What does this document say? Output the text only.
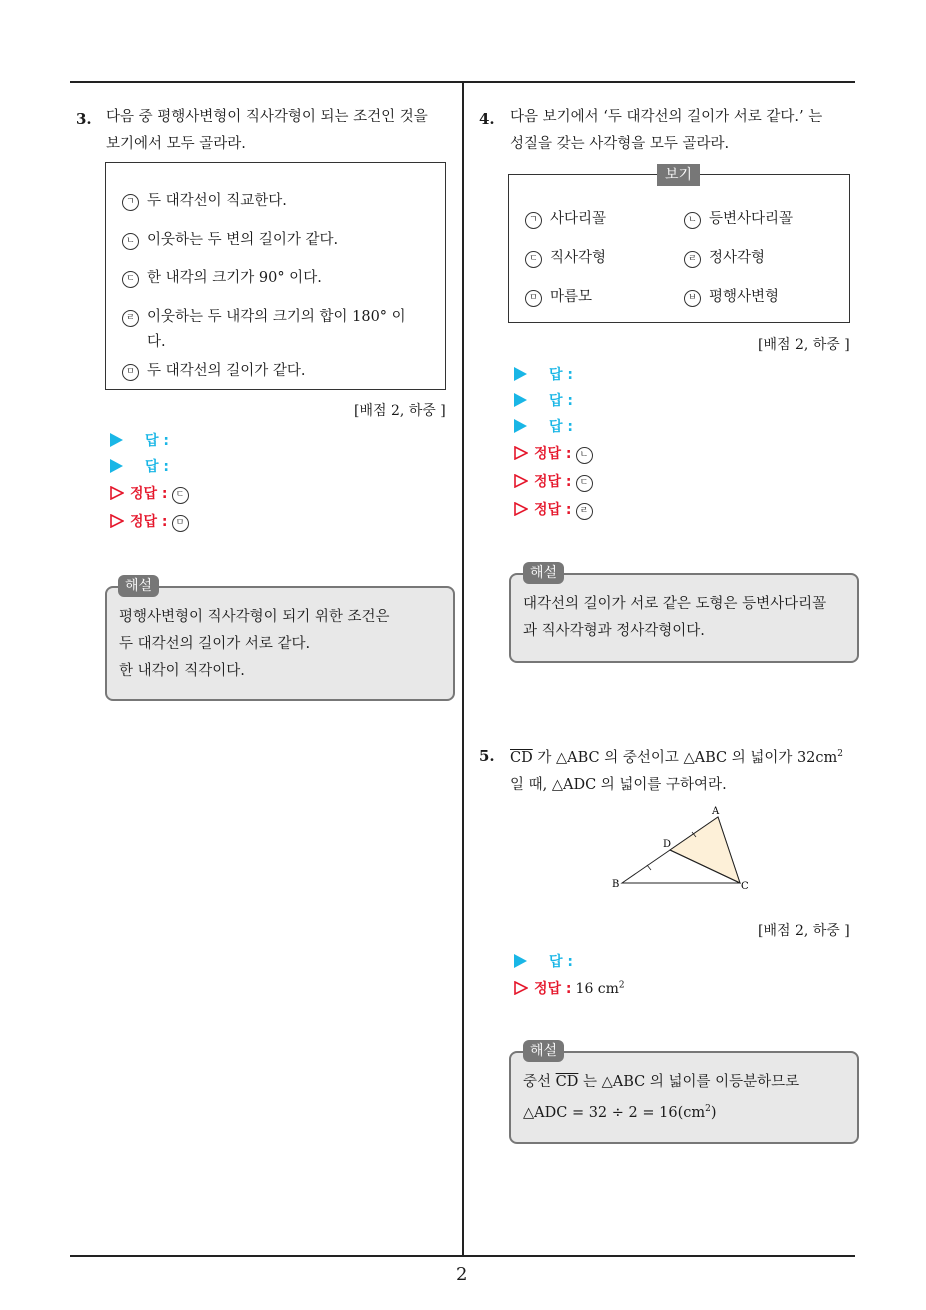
2
3. 다음 중 평행사변형이 직사각형이 되는 조건인 것을
보기에서 모두 골라라.
ㄱ 두 대각선이 직교한다.
ㄴ 이웃하는 두 변의 길이가 같다.
ㄷ 한 내각의 크기가 90° 이다.
ㄹ 이웃하는 두 내각의 크기의 합이 180° 이
다.
ㅁ 두 대각선의 길이가 같다.
[배점 2, 하중 ]
답 :
답 :
정답 : ㄷ
정답 : ㅁ
평행사변형이 직사각형이 되기 위한 조건은
두 대각선의 길이가 서로 같다.
한 내각이 직각이다.
해설
4. 다음 보기에서 ‘두 대각선의 길이가 서로 같다.’ 는
성질을 갖는 사각형을 모두 골라라.
ㄱ 사다리꼴	ㄴ 등변사다리꼴
ㄷ 직사각형	ㄹ 정사각형
ㅁ 마름모	ㅂ 평행사변형
보기
[배점 2, 하중 ]
답 :
답 :
답 :
정답 : ㄴ
정답 : ㄷ
정답 : ㄹ
대각선의 길이가 서로 같은 도형은 등변사다리꼴
과 직사각형과 정사각형이다.
해설
5. $\overline{CD}$ 가 △ABC 의 중선이고 △ABC 의 넓이가 $32cm^2$
일 때, △ADC 의 넓이를 구하여라.
A
B	C
D
[배점 2, 하중 ]
답 :
정답 : 16 $cm^2$
중선 $\overline{CD}$ 는 △ABC 의 넓이를 이등분하므로
△ADC = $32 \div 2 = 16(cm^2)$
해설
